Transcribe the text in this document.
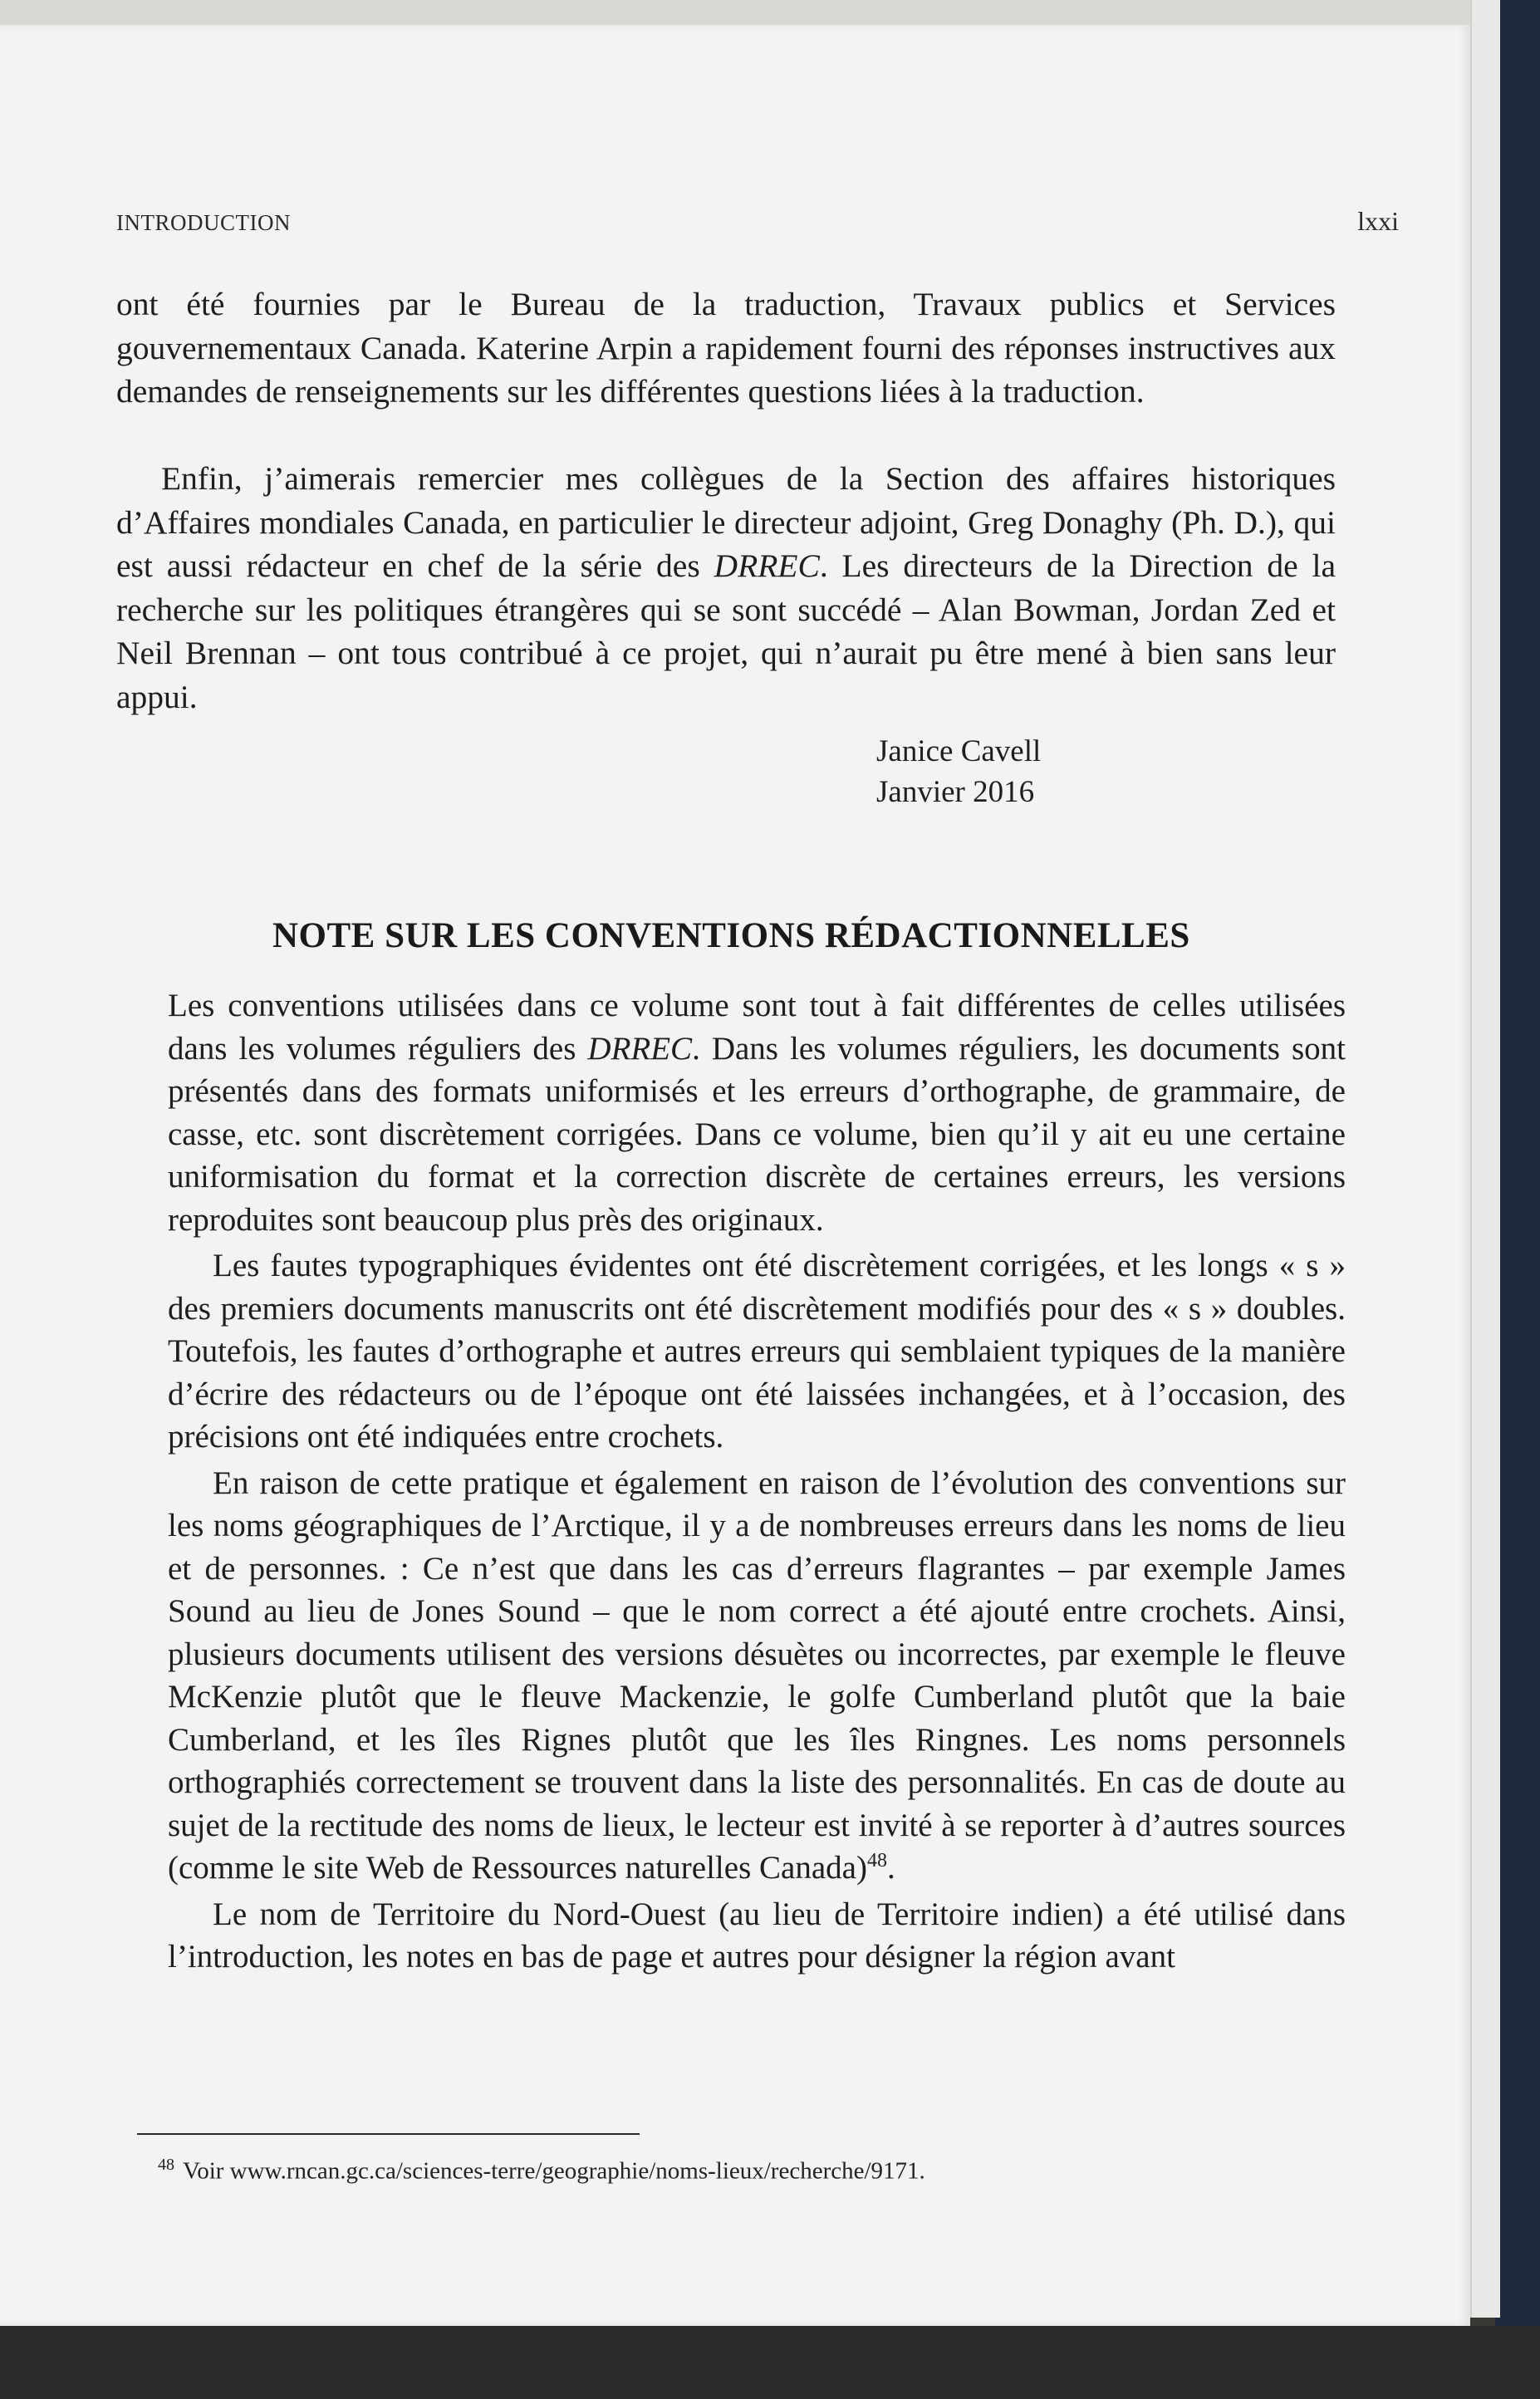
INTRODUCTION	lxxi

ont été fournies par le Bureau de la traduction, Travaux publics et Services gouvernementaux Canada. Katerine Arpin a rapidement fourni des réponses instructives aux demandes de renseignements sur les différentes questions liées à la traduction.

Enfin, j’aimerais remercier mes collègues de la Section des affaires historiques d’Affaires mondiales Canada, en particulier le directeur adjoint, Greg Donaghy (Ph. D.), qui est aussi rédacteur en chef de la série des DRREC. Les directeurs de la Direction de la recherche sur les politiques étrangères qui se sont succédé – Alan Bowman, Jordan Zed et Neil Brennan – ont tous contribué à ce projet, qui n’aurait pu être mené à bien sans leur appui.

Janice Cavell
Janvier 2016
NOTE SUR LES CONVENTIONS RÉDACTIONNELLES

Les conventions utilisées dans ce volume sont tout à fait différentes de celles utilisées dans les volumes réguliers des DRREC. Dans les volumes réguliers, les documents sont présentés dans des formats uniformisés et les erreurs d’orthographe, de grammaire, de casse, etc. sont discrètement corrigées. Dans ce volume, bien qu’il y ait eu une certaine uniformisation du format et la correction discrète de certaines erreurs, les versions reproduites sont beaucoup plus près des originaux.

Les fautes typographiques évidentes ont été discrètement corrigées, et les longs « s » des premiers documents manuscrits ont été discrètement modifiés pour des « s » doubles. Toutefois, les fautes d’orthographe et autres erreurs qui semblaient typiques de la manière d’écrire des rédacteurs ou de l’époque ont été laissées inchangées, et à l’occasion, des précisions ont été indiquées entre crochets.

En raison de cette pratique et également en raison de l’évolution des conventions sur les noms géographiques de l’Arctique, il y a de nombreuses erreurs dans les noms de lieu et de personnes. : Ce n’est que dans les cas d’erreurs flagrantes – par exemple James Sound au lieu de Jones Sound – que le nom correct a été ajouté entre crochets. Ainsi, plusieurs documents utilisent des versions désuètes ou incorrectes, par exemple le fleuve McKenzie plutôt que le fleuve Mackenzie, le golfe Cumberland plutôt que la baie Cumberland, et les îles Rignes plutôt que les îles Ringnes. Les noms personnels orthographiés correctement se trouvent dans la liste des personnalités. En cas de doute au sujet de la rectitude des noms de lieux, le lecteur est invité à se reporter à d’autres sources (comme le site Web de Ressources naturelles Canada)$^{48}$.

Le nom de Territoire du Nord-Ouest (au lieu de Territoire indien) a été utilisé dans l’introduction, les notes en bas de page et autres pour désigner la région avant

$^{48}$ Voir www.rncan.gc.ca/sciences-terre/geographie/noms-lieux/recherche/9171.
